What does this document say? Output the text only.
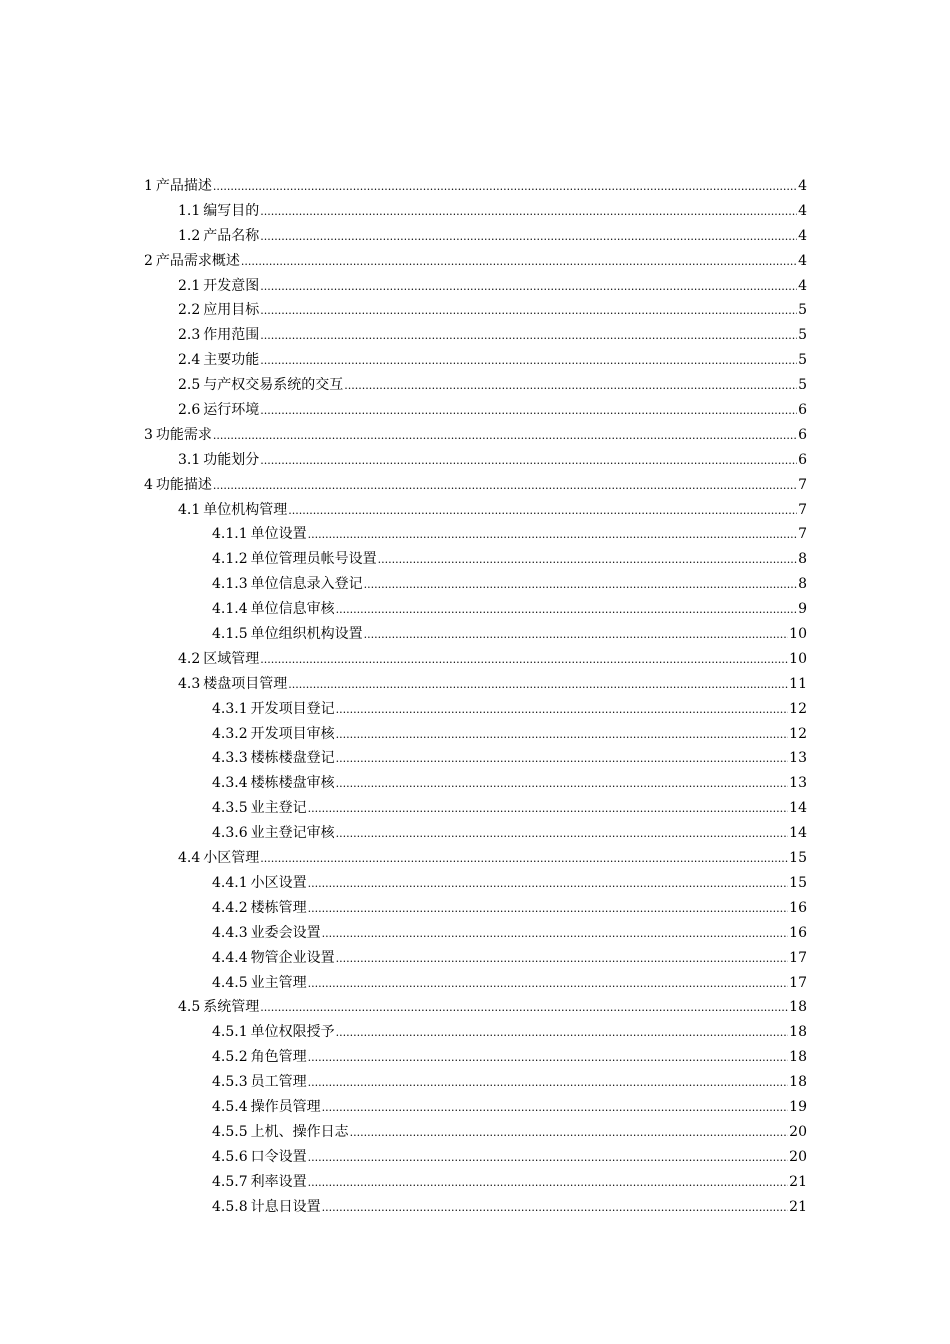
1 产品描述 .....	4
1.1 编写目的 .....	4
1.2 产品名称 .....	4
2 产品需求概述 .....	4
2.1 开发意图 .....	4
2.2 应用目标 .....	5
2.3 作用范围 .....	5
2.4 主要功能 .....	5
2.5 与产权交易系统的交互 .....	5
2.6 运行环境 .....	6
3 功能需求 .....	6
3.1 功能划分 .....	6
4 功能描述 .....	7
4.1 单位机构管理 .....	7
4.1.1 单位设置 .....	7
4.1.2 单位管理员帐号设置 .....	8
4.1.3 单位信息录入登记 .....	8
4.1.4 单位信息审核 .....	9
4.1.5 单位组织机构设置 .....	10
4.2 区域管理 .....	10
4.3 楼盘项目管理 .....	11
4.3.1 开发项目登记 .....	12
4.3.2 开发项目审核 .....	12
4.3.3 楼栋楼盘登记 .....	13
4.3.4 楼栋楼盘审核 .....	13
4.3.5 业主登记 .....	14
4.3.6 业主登记审核 .....	14
4.4 小区管理 .....	15
4.4.1 小区设置 .....	15
4.4.2 楼栋管理 .....	16
4.4.3 业委会设置 .....	16
4.4.4 物管企业设置 .....	17
4.4.5 业主管理 .....	17
4.5 系统管理 .....	18
4.5.1 单位权限授予 .....	18
4.5.2 角色管理 .....	18
4.5.3 员工管理 .....	18
4.5.4 操作员管理 .....	19
4.5.5 上机、操作日志 .....	20
4.5.6 口令设置 .....	20
4.5.7 利率设置 .....	21
4.5.8 计息日设置 .....	21
